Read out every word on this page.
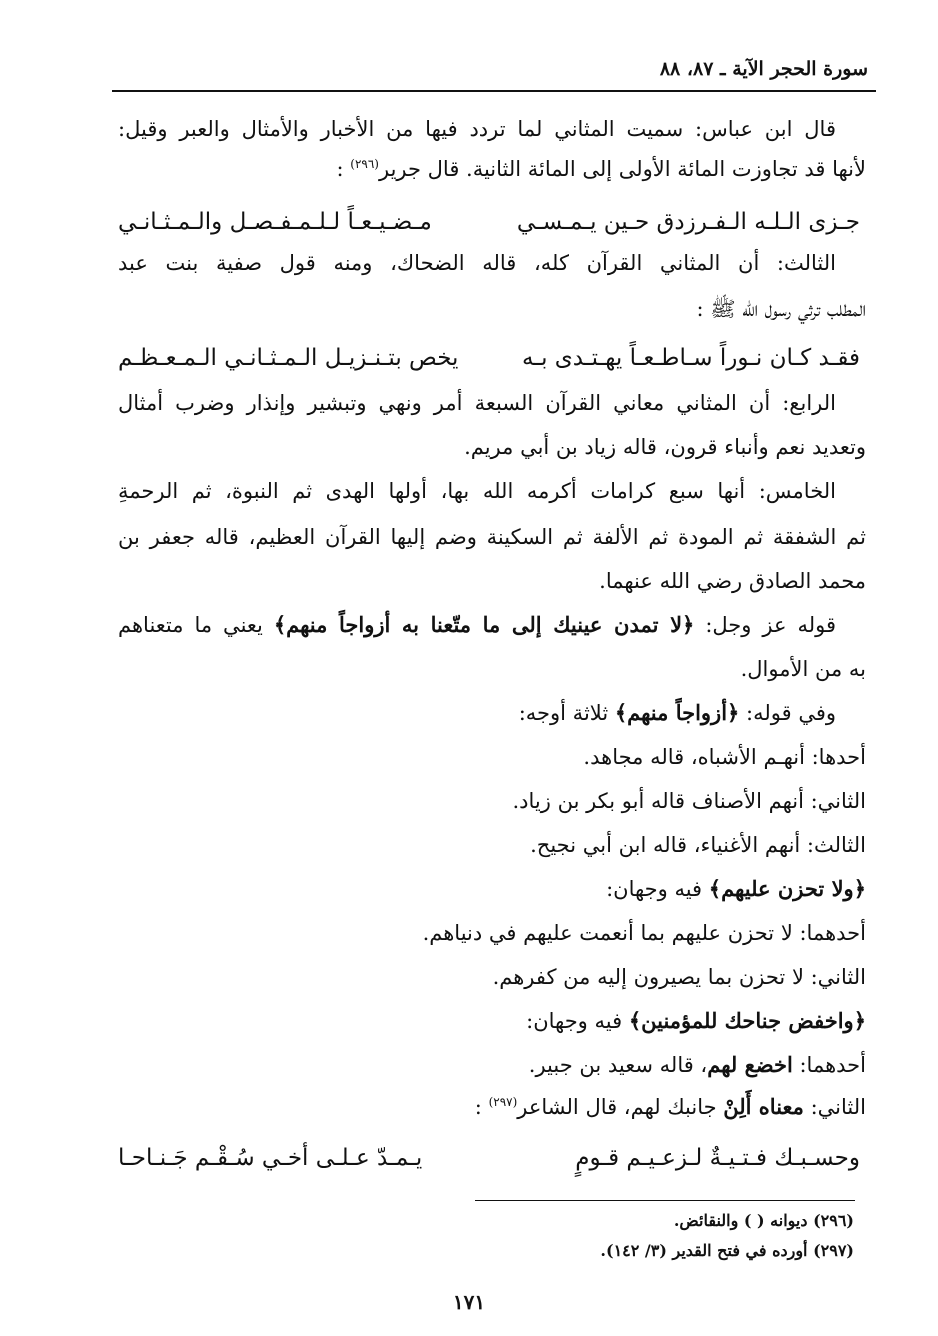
سورة الحجر الآية ـ ٨٧، ٨٨
قال ابن عباس: سميت المثاني لما تردد فيها من الأخبار والأمثال والعبر وقيل:
لأنها قد تجاوزت المائة الأولى إلى المائة الثانية. قال جرير$^{(٢٩٦)}$ :
جـزى الـلـه الـفـرزدق حـين يـمـسـي
مـضـيـعـاً لـلـمـفـصـل والـمـثـانـي
الثالث: أن المثاني القرآن كله، قاله الضحاك، ومنه قول صفية بنت عبد
المطلب ترثي رسول الله ﷺ :
فقـد كـان نـوراً سـاطـعـاً يهـتـدى بـه
يخص بتـنـزيـل الـمـثـانـي الـمـعـظـم
الرابع: أن المثاني معاني القرآن السبعة أمر ونهي وتبشير وإنذار وضرب أمثال
وتعديد نعم وأنباء قرون، قاله زياد بن أبي مريم.
الخامس: أنها سبع كرامات أكرمه الله بها، أولها الهدى ثم النبوة، ثم الرحمةِ
ثم الشفقة ثم المودة ثم الألفة ثم السكينة وضم إليها القرآن العظيم، قاله جعفر بن
محمد الصادق رضي الله عنهما.
قوله عز وجل: ﴿لا تمدن عينيك إلى ما متّعنا به أزواجاً منهم﴾ يعني ما متعناهم
به من الأموال.
وفي قوله: ﴿أزواجاً منهم﴾ ثلاثة أوجه:
أحدها: أنهـم الأشباه، قاله مجاهد.
الثاني: أنهم الأصناف قاله أبو بكر بن زياد.
الثالث: أنهم الأغنياء، قاله ابن أبي نجيح.
﴿ولا تحزن عليهم﴾ فيه وجهان:
أحدهما: لا تحزن عليهم بما أنعمت عليهم في دنياهم.
الثاني: لا تحزن بما يصيرون إليه من كفرهم.
﴿واخفض جناحك للمؤمنين﴾ فيه وجهان:
أحدهما: اخضع لهم، قاله سعيد بن جبير.
الثاني: معناه أَلِنْ جانبك لهم، قال الشاعر$^{(٢٩٧)}$ :
وحسـبـك فـتـيـةٌ لـزعـيـم قـومٍ
يـمـدّ عـلـى أخـي سُـقْـم جَـنـاحـا
(٢٩٦) ديوانه ( ) والنقائض.
(٢٩٧) أورده في فتح القدير (٣/ ١٤٢).
١٧١
